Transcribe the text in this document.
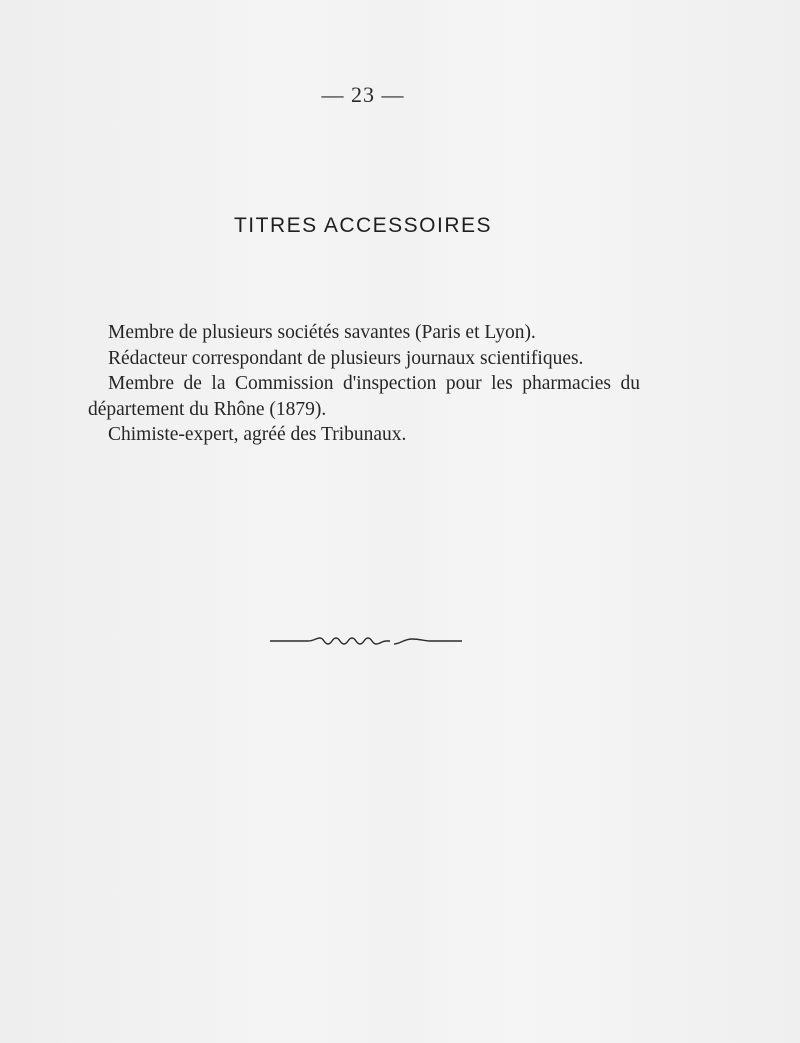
— 23 —
TITRES ACCESSOIRES

Membre de plusieurs sociétés savantes (Paris et Lyon).

Rédacteur correspondant de plusieurs journaux scientifiques.

Membre de la Commission d'inspection pour les pharmacies du département du Rhône (1879).

Chimiste-expert, agréé des Tribunaux.
